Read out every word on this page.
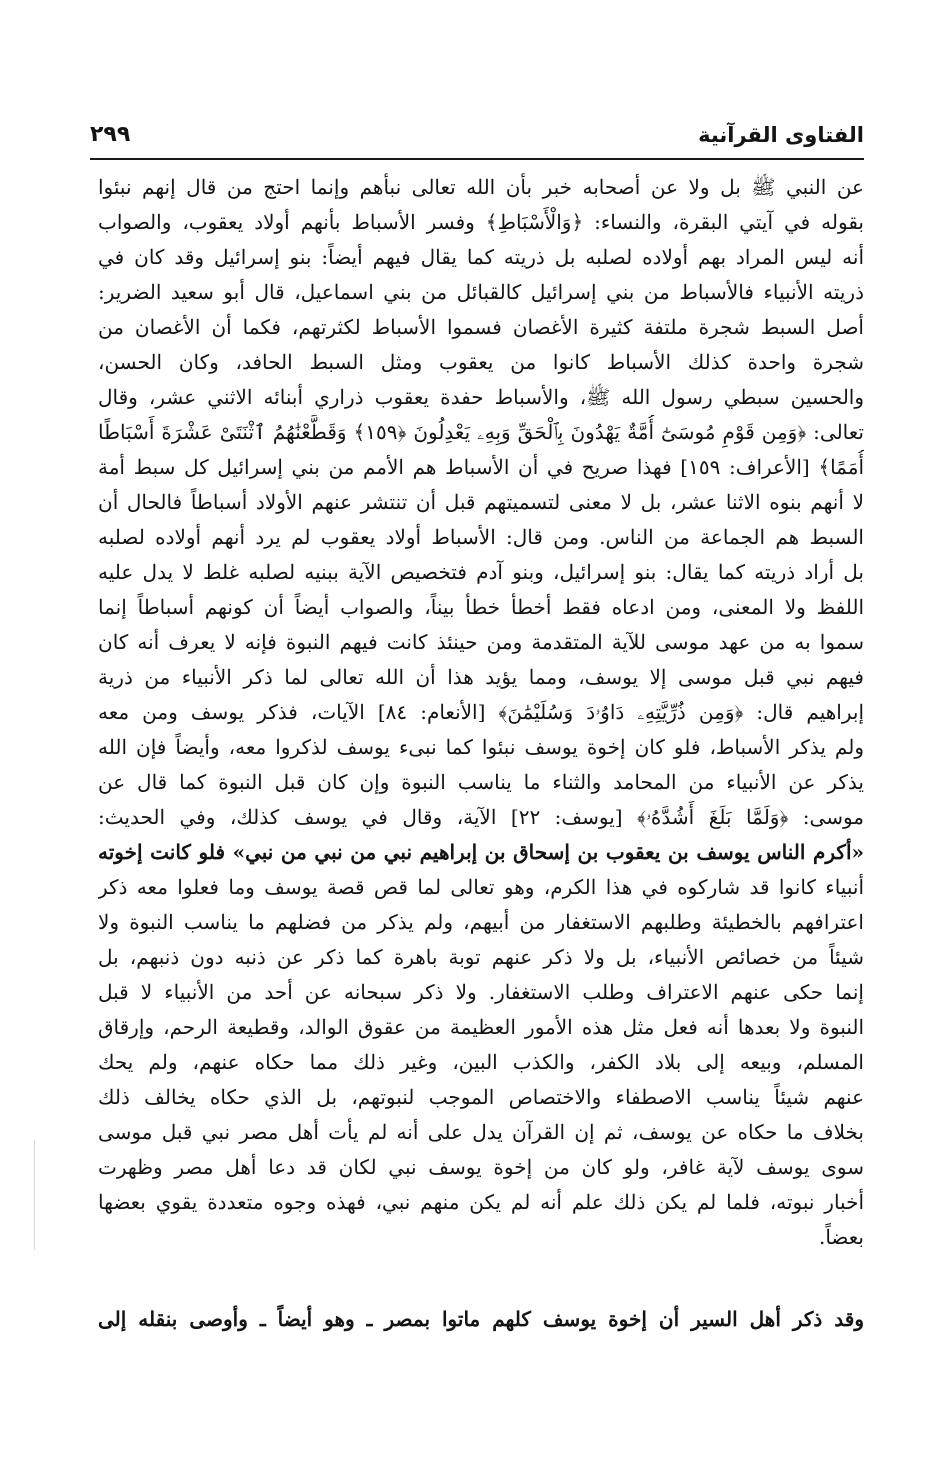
الفتاوى القرآنية
٢٩٩
عن النبي ﷺ بل ولا عن أصحابه خبر بأن الله تعالى نبأهم وإنما احتج من قال إنهم نبئوا
بقوله في آيتي البقرة، والنساء: ﴿وَالْأَسْبَاطِ﴾ وفسر الأسباط بأنهم أولاد يعقوب، والصواب
أنه ليس المراد بهم أولاده لصلبه بل ذريته كما يقال فيهم أيضاً: بنو إسرائيل وقد كان في
ذريته الأنبياء فالأسباط من بني إسرائيل كالقبائل من بني اسماعيل، قال أبو سعيد الضرير:
أصل السبط شجرة ملتفة كثيرة الأغصان فسموا الأسباط لكثرتهم، فكما أن الأغصان من
شجرة واحدة كذلك الأسباط كانوا من يعقوب ومثل السبط الحافد، وكان الحسن،
والحسين سبطي رسول الله ﷺ، والأسباط حفدة يعقوب ذراري أبنائه الاثني عشر، وقال
تعالى: ﴿وَمِن قَوْمِ مُوسَىٰٓ أُمَّةٌ يَهْدُونَ بِٱلْحَقِّ وَبِهِۦ يَعْدِلُونَ ﴿١٥٩﴾ وَقَطَّعْنَٰهُمُ ٱثْنَتَىْ عَشْرَةَ أَسْبَاطًا
أُمَمًا﴾ [الأعراف: ١٥٩] فهذا صريح في أن الأسباط هم الأمم من بني إسرائيل كل سبط أمة
لا أنهم بنوه الاثنا عشر، بل لا معنى لتسميتهم قبل أن تنتشر عنهم الأولاد أسباطاً فالحال أن
السبط هم الجماعة من الناس. ومن قال: الأسباط أولاد يعقوب لم يرد أنهم أولاده لصلبه
بل أراد ذريته كما يقال: بنو إسرائيل، وبنو آدم فتخصيص الآية ببنيه لصلبه غلط لا يدل عليه
اللفظ ولا المعنى، ومن ادعاه فقط أخطأ خطأ بيناً، والصواب أيضاً أن كونهم أسباطاً إنما
سموا به من عهد موسى للآية المتقدمة ومن حينئذ كانت فيهم النبوة فإنه لا يعرف أنه كان
فيهم نبي قبل موسى إلا يوسف، ومما يؤيد هذا أن الله تعالى لما ذكر الأنبياء من ذرية
إبراهيم قال: ﴿وَمِن ذُرِّيَّتِهِۦ دَاوُۥدَ وَسُلَيْمَٰنَ﴾ [الأنعام: ٨٤] الآيات، فذكر يوسف ومن معه
ولم يذكر الأسباط، فلو كان إخوة يوسف نبئوا كما نبىء يوسف لذكروا معه، وأيضاً فإن الله
يذكر عن الأنبياء من المحامد والثناء ما يناسب النبوة وإن كان قبل النبوة كما قال عن
موسى: ﴿وَلَمَّا بَلَغَ أَشُدَّهُۥ﴾ [يوسف: ٢٢] الآية، وقال في يوسف كذلك، وفي الحديث:
«أكرم الناس يوسف بن يعقوب بن إسحاق بن إبراهيم نبي من نبي من نبي» فلو كانت إخوته
أنبياء كانوا قد شاركوه في هذا الكرم، وهو تعالى لما قص قصة يوسف وما فعلوا معه ذكر
اعترافهم بالخطيئة وطلبهم الاستغفار من أبيهم، ولم يذكر من فضلهم ما يناسب النبوة ولا
شيئاً من خصائص الأنبياء، بل ولا ذكر عنهم توبة باهرة كما ذكر عن ذنبه دون ذنبهم، بل
إنما حكى عنهم الاعتراف وطلب الاستغفار. ولا ذكر سبحانه عن أحد من الأنبياء لا قبل
النبوة ولا بعدها أنه فعل مثل هذه الأمور العظيمة من عقوق الوالد، وقطيعة الرحم، وإرقاق
المسلم، وبيعه إلى بلاد الكفر، والكذب البين، وغير ذلك مما حكاه عنهم، ولم يحك
عنهم شيئاً يناسب الاصطفاء والاختصاص الموجب لنبوتهم، بل الذي حكاه يخالف ذلك
بخلاف ما حكاه عن يوسف، ثم إن القرآن يدل على أنه لم يأت أهل مصر نبي قبل موسى
سوى يوسف لآية غافر، ولو كان من إخوة يوسف نبي لكان قد دعا أهل مصر وظهرت
أخبار نبوته، فلما لم يكن ذلك علم أنه لم يكن منهم نبي، فهذه وجوه متعددة يقوي بعضها
بعضاً.
وقد ذكر أهل السير أن إخوة يوسف كلهم ماتوا بمصر ـ وهو أيضاً ـ وأوصى بنقله إلى
